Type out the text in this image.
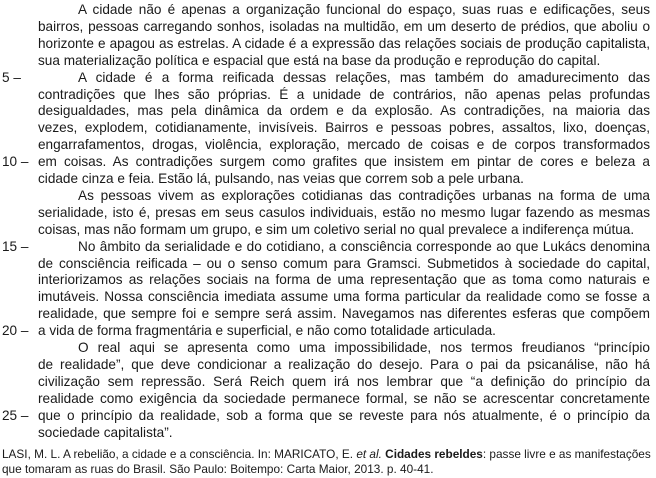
A cidade não é apenas a organização funcional do espaço, suas ruas e edificações, seus
bairros, pessoas carregando sonhos, isoladas na multidão, em um deserto de prédios, que aboliu o
horizonte e apagou as estrelas. A cidade é a expressão das relações sociais de produção capitalista,
sua materialização política e espacial que está na base da produção e reprodução do capital.
5 –	A cidade é a forma reificada dessas relações, mas também do amadurecimento das
contradições que lhes são próprias. É a unidade de contrários, não apenas pelas profundas
desigualdades, mas pela dinâmica da ordem e da explosão. As contradições, na maioria das
vezes, explodem, cotidianamente, invisíveis. Bairros e pessoas pobres, assaltos, lixo, doenças,
engarrafamentos, drogas, violência, exploração, mercado de coisas e de corpos transformados
10 – em coisas. As contradições surgem como grafites que insistem em pintar de cores e beleza a
cidade cinza e feia. Estão lá, pulsando, nas veias que correm sob a pele urbana.
As pessoas vivem as explorações cotidianas das contradições urbanas na forma de uma
serialidade, isto é, presas em seus casulos individuais, estão no mesmo lugar fazendo as mesmas
coisas, mas não formam um grupo, e sim um coletivo serial no qual prevalece a indiferença mútua.
15 –	No âmbito da serialidade e do cotidiano, a consciência corresponde ao que Lukács denomina
de consciência reificada – ou o senso comum para Gramsci. Submetidos à sociedade do capital,
interiorizamos as relações sociais na forma de uma representação que as toma como naturais e
imutáveis. Nossa consciência imediata assume uma forma particular da realidade como se fosse a
realidade, que sempre foi e sempre será assim. Navegamos nas diferentes esferas que compõem
20 – a vida de forma fragmentária e superficial, e não como totalidade articulada.
O real aqui se apresenta como uma impossibilidade, nos termos freudianos “princípio
de realidade”, que deve condicionar a realização do desejo. Para o pai da psicanálise, não há
civilização sem repressão. Será Reich quem irá nos lembrar que “a definição do princípio da
realidade como exigência da sociedade permanece formal, se não se acrescentar concretamente
25 – que o princípio da realidade, sob a forma que se reveste para nós atualmente, é o princípio da
sociedade capitalista”.
LASI, M. L. A rebelião, a cidade e a consciência. In: MARICATO, E. et al. Cidades rebeldes: passe livre e as manifestações
que tomaram as ruas do Brasil. São Paulo: Boitempo: Carta Maior, 2013. p. 40-41.
